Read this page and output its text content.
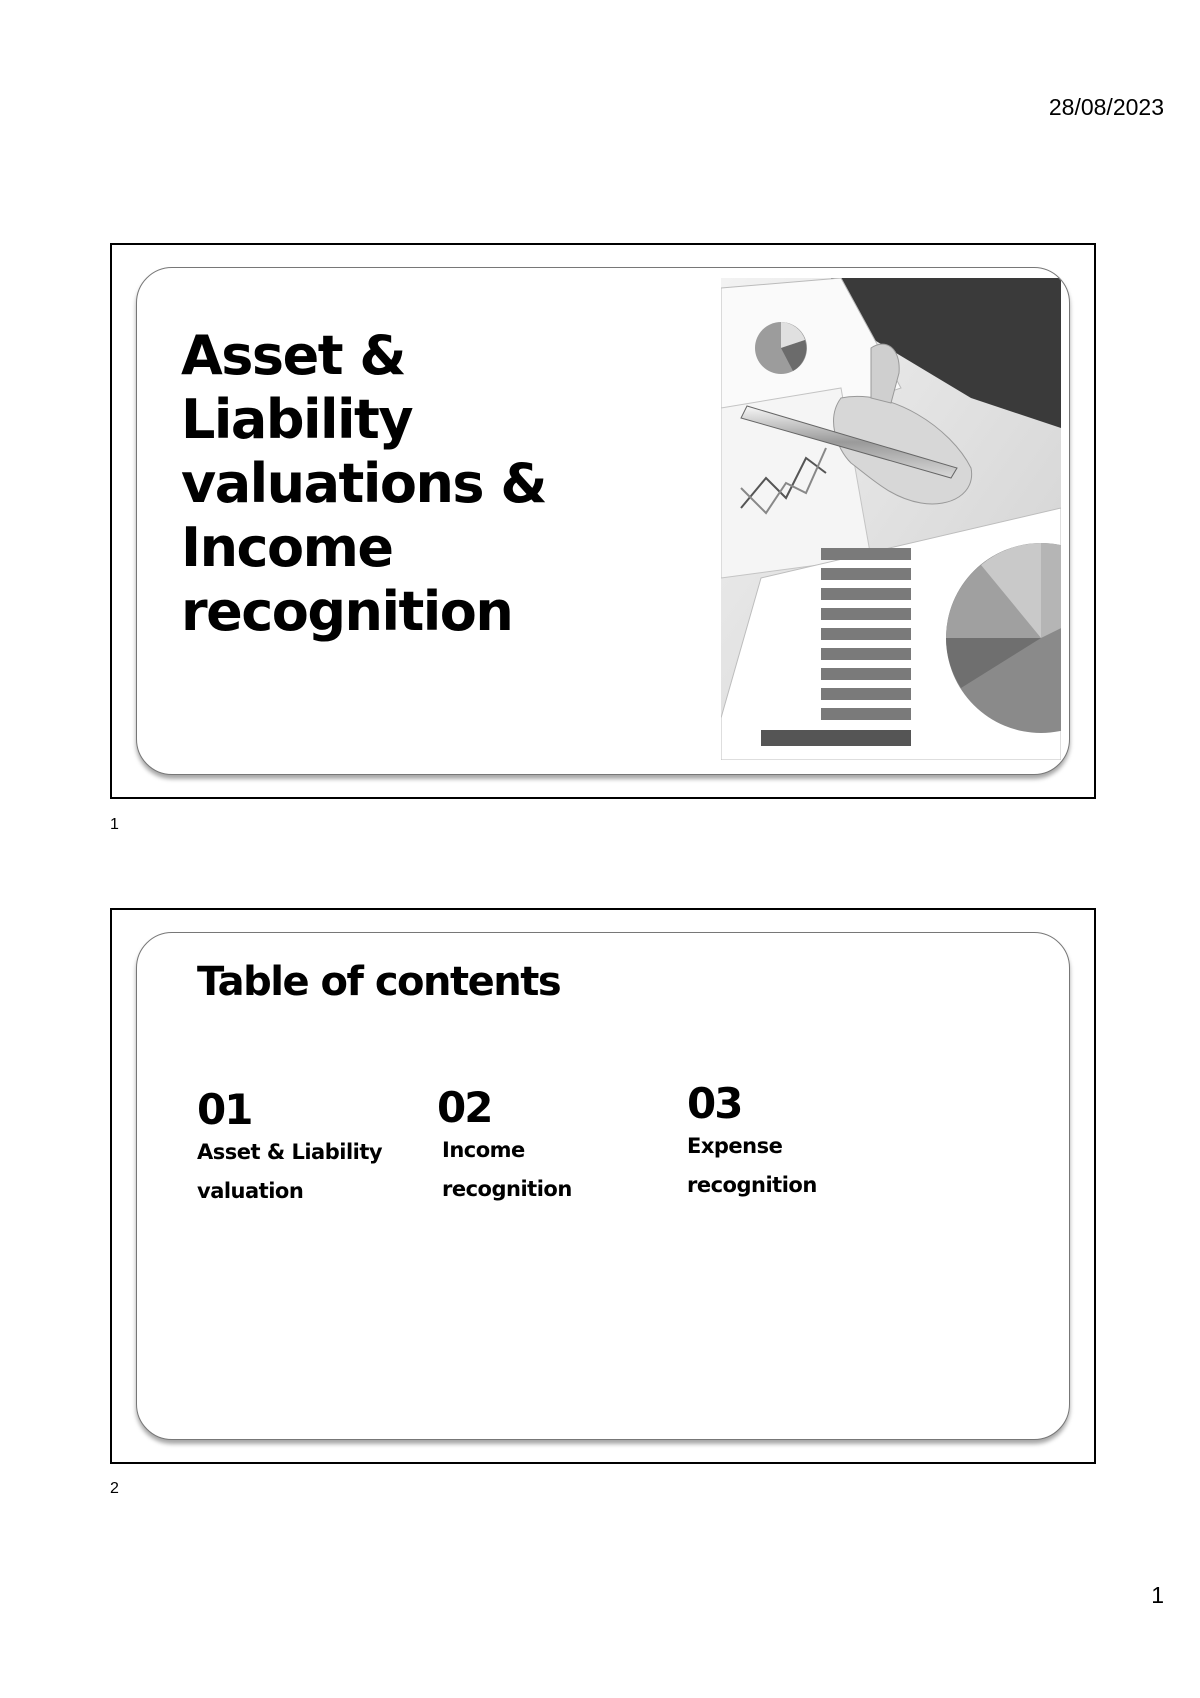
28/08/2023
Asset & Liability
valuations &
Income
recognition
1
Table of contents
01
Asset & Liability
valuation
02
Income
recognition
03
Expense
recognition
2
1
